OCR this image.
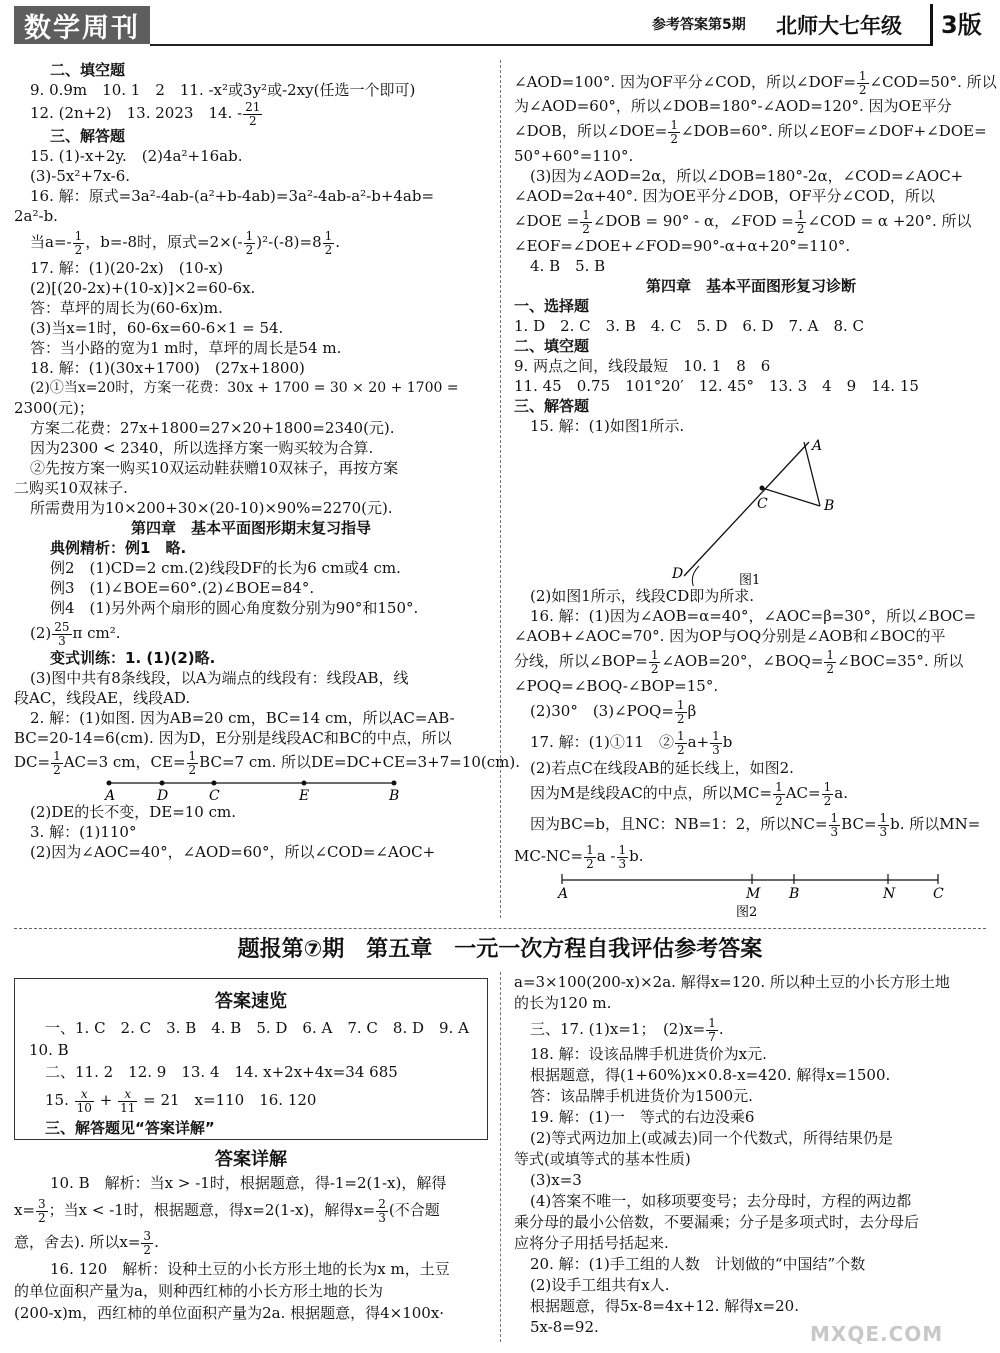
数学周刊	参考答案第5期 北师大七年级	3版
二、填空题
9. 0.9m　10. 1　2　11. -x²或3y²或-2xy(任选一个即可)
12. (2n+2)　13. 2023　14. - $\frac{21}{2}$
三、解答题
15. (1)-x+2y.　(2)4a²+16ab.
(3)-5x²+7x-6.
16. 解：原式=3a²-4ab-(a²+b-4ab)=3a²-4ab-a²-b+4ab=
2a²-b.
当$a=- \frac{1}{2}$ ，b=-8时，原式$=2\times(- \frac{1}{2} )^2-(-8)=8 \frac{1}{2}$ .
17. 解：(1)(20-2x)　(10-x)
(2)[(20-2x)+(10-x)]×2=60-6x.
答：草坪的周长为(60-6x)m.
(3)当x=1时，60-6x=60-6×1 = 54.
答：当小路的宽为1 m时，草坪的周长是54 m.
18. 解：(1)(30x+1700)　(27x+1800)
(2)①当x=20时，方案一花费：30x + 1700 = 30 × 20 + 1700 =
2300(元)；
方案二花费：27x+1800=27×20+1800=2340(元).
因为2300 < 2340，所以选择方案一购买较为合算.
②先按方案一购买10双运动鞋获赠10双袜子，再按方案
二购买10双袜子.
所需费用为10×200+30×(20-10)×90%=2270(元).
第四章　基本平面图形期末复习指导
典例精析：例1　略.
例2　(1)CD=2 cm.(2)线段DF的长为6 cm或4 cm.
例3　(1)∠BOE=60°.(2)∠BOE=84°.
例4　(1)另外两个扇形的圆心角度数分别为90°和150°.
$(2) \frac{25}{3}$ π cm².
变式训练：1. (1)(2)略.
(3)图中共有8条线段，以A为端点的线段有：线段AB，线
段AC，线段AE，线段AD.
2. 解：(1)如图. 因为AB=20 cm，BC=14 cm，所以AC=AB-
BC=20-14=6(cm). 因为D，E分别是线段AC和BC的中点，所以
$DC= \frac{1}{2} AC=3$ cm，$CE= \frac{1}{2} BC=7$ cm. 所以DE=DC+CE=3+7=10(cm).
A	D	C	E	B
(2)DE的长不变，DE=10 cm.
3. 解：(1)110°
(2)因为∠AOC=40°，∠AOD=60°，所以∠COD=∠AOC+
∠AOD=100°. 因为OF平分∠COD，所以∠DOF= $\frac{1}{2}$ ∠COD=50°. 所以
为∠AOD=60°，所以∠DOB=180°-∠AOD=120°. 因为OE平分
∠DOB，所以∠DOE= $\frac{1}{2}$ ∠DOB=60°. 所以∠EOF=∠DOF+∠DOE=
50°+60°=110°.
(3)因为∠AOD=2α，所以∠DOB=180°-2α，∠COD=∠AOC+
∠AOD=2α+40°. 因为OE平分∠DOB，OF平分∠COD，所以
∠DOE = $\frac{1}{2}$ ∠DOB = 90° - α，∠FOD = $\frac{1}{2}$ ∠COD = α +20°. 所以
∠EOF=∠DOE+∠FOD=90°-α+α+20°=110°.
4. B　5. B
第四章　基本平面图形复习诊断
一、选择题
1. D　2. C　3. B　4. C　5. D　6. D　7. A　8. C
二、填空题
9. 两点之间，线段最短　10. 1　8　6
11. 45　0.75　101°20′　12. 45°　13. 3　4　9　14. 15
三、解答题
15. 解：(1)如图1所示.
A
B
C
D	图1
(2)如图1所示，线段CD即为所求.
16. 解：(1)因为∠AOB=α=40°，∠AOC=β=30°，所以∠BOC=
∠AOB+∠AOC=70°. 因为OP与OQ分别是∠AOB和∠BOC的平
分线，所以∠BOP= $\frac{1}{2}$ ∠AOB=20°，∠BOQ= $\frac{1}{2}$ ∠BOC=35°. 所以
∠POQ=∠BOQ-∠BOP=15°.
(2)30°　(3)∠POQ= $\frac{1}{2}$ β
17. 解：(1)①11　② $\frac{1}{2} a+ \frac{1}{3}$ b
(2)若点C在线段AB的延长线上，如图2.
因为M是线段AC的中点，所以$MC= \frac{1}{2} AC= \frac{1}{2} a$.
因为BC=b，且NC：NB=1：2，所以$NC= \frac{1}{3} BC= \frac{1}{3} b$. 所以MN=
$MC-NC= \frac{1}{2}$ a - $\frac{1}{3} b$.
A	M B	N	C
图2
题报第⑦期　第五章　一元一次方程自我评估参考答案
答案速览
一、1. C　2. C　3. B　4. B　5. D　6. A　7. C　8. D　9. A
10. B
二、11. 2　12. 9　13. 4　14. x+2x+4x=34 685
15. $\frac{x}{10} + \frac{x}{11} = 21$　x=110　16. 120
三、解答题见“答案详解”
答案详解
10. B　解析：当x > -1时，根据题意，得-1=2(1-x)，解得
$x= \frac{3}{2}$ ；当x < -1时，根据题意，得x=2(1-x)，解得$x= \frac{2}{3}$ (不合题
意，舍去). 所以$x= \frac{3}{2}$ .
16. 120　解析：设种土豆的小长方形土地的长为x m，土豆
的单位面积产量为a，则种西红柿的小长方形土地的长为
(200-x)m，西红柿的单位面积产量为2a. 根据题意，得4×100x·
a=3×100(200-x)×2a. 解得x=120. 所以种土豆的小长方形土地
的长为120 m.
三、17. (1)x=1；　$(2)x= \frac{1}{7}$ .
18. 解：设该品牌手机进货价为x元.
根据题意，得(1+60%)x×0.8-x=420. 解得x=1500.
答：该品牌手机进货价为1500元.
19. 解：(1)一　等式的右边没乘6
(2)等式两边加上(或减去)同一个代数式，所得结果仍是
等式(或填等式的基本性质)
(3)x=3
(4)答案不唯一，如移项要变号；去分母时，方程的两边都
乘分母的最小公倍数，不要漏乘；分子是多项式时，去分母后
应将分子用括号括起来.
20. 解：(1)手工组的人数　计划做的“中国结”个数
(2)设手工组共有x人.
根据题意，得5x-8=4x+12. 解得x=20.
5x-8=92.	MXQE.COM
